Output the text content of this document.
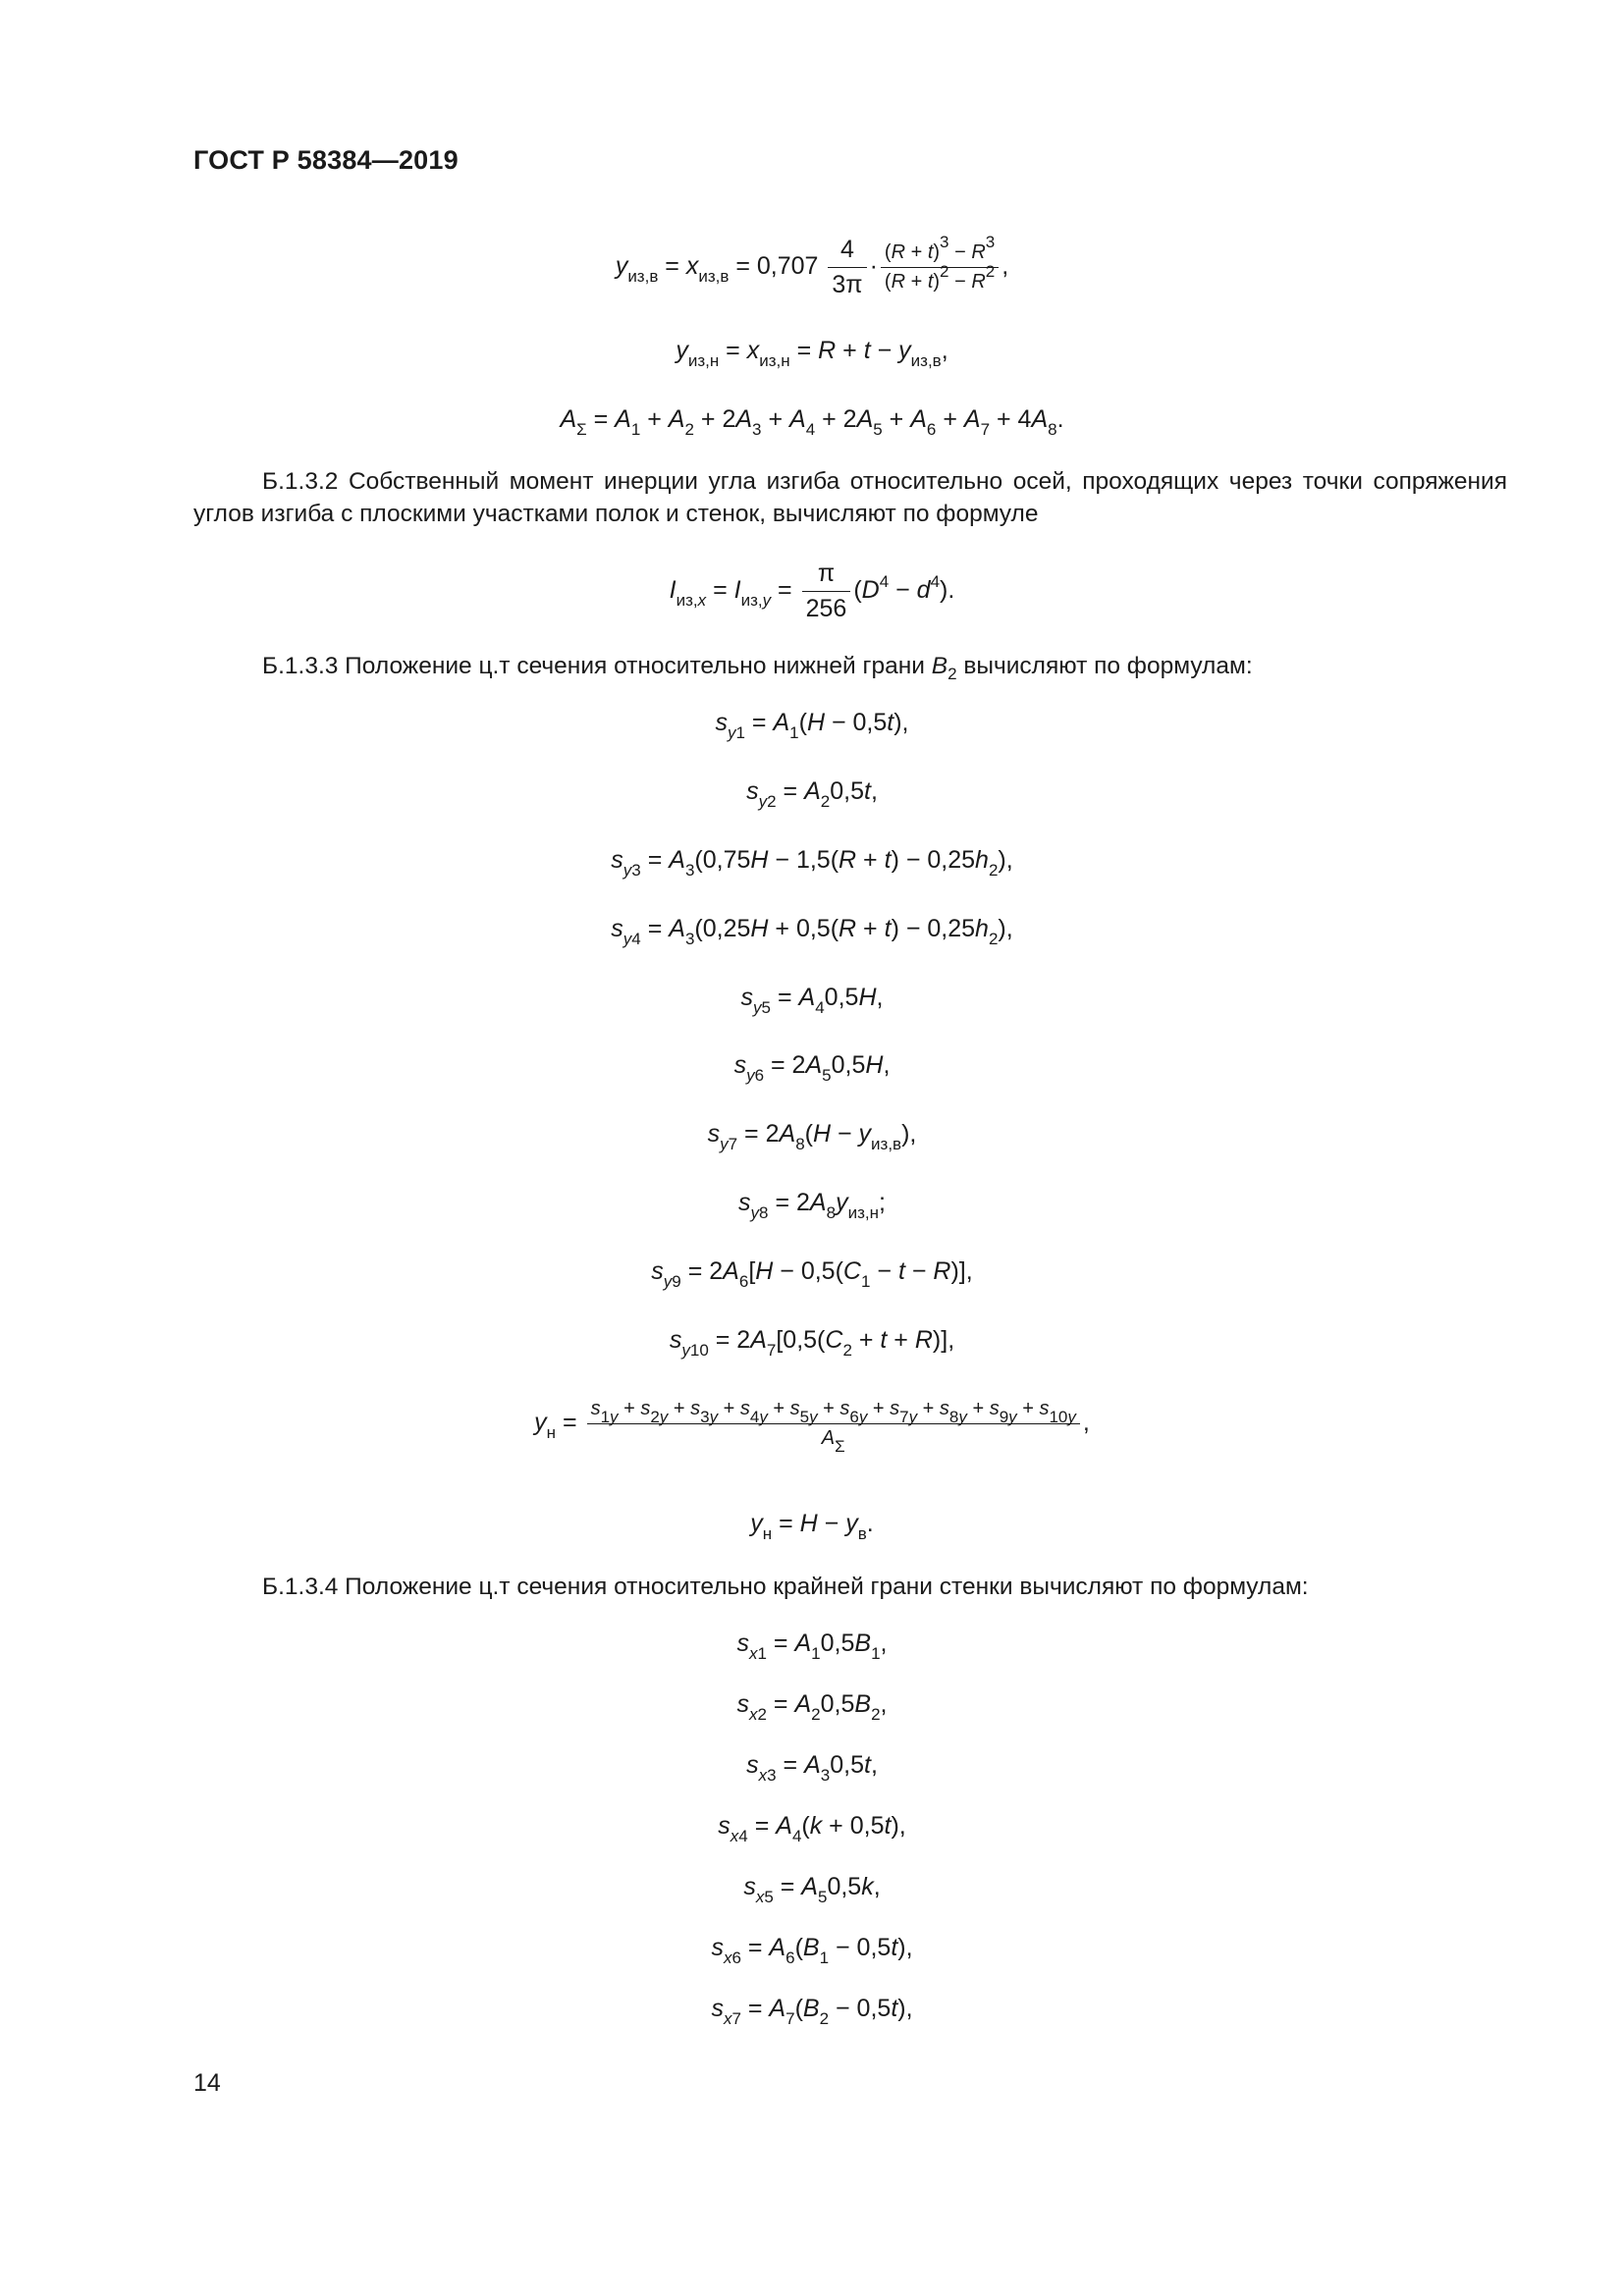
ГОСТ Р 58384—2019
$y_{из,в} = x_{из,в} = 0,707 \frac{4}{3\pi} \cdot \frac{(R + t)^3 - R^3}{(R + t)^2 - R^2}$ ,
$y_{из,н} = x_{из,н} = R + t - y_{из,в}$,
$A_\Sigma = A_1 + A_2 + 2A_3 + A_4 + 2A_5 + A_6 + A_7 + 4A_8$.
Б.1.3.2 Собственный момент инерции угла изгиба относительно осей, проходящих через точки сопряжения углов изгиба с плоскими участками полок и стенок, вычисляют по формуле
$I_{из,x} = I_{из,y} = \frac{\pi}{256} (D^4 - d^4)$.
Б.1.3.3 Положение ц.т сечения относительно нижней грани $B_2$ вычисляют по формулам:
$s_{y1} = A_1(H - 0,5t)$,
$s_{y2} = A_20,5t$,
$s_{y3} = A_3(0,75H - 1,5(R + t) - 0,25h_2)$,
$s_{y4} = A_3(0,25H + 0,5(R + t) - 0,25h_2)$,
$s_{y5} = A_40,5H$,
$s_{y6} = 2A_50,5H$,
$s_{y7} = 2A_8(H - y_{из,в})$,
$s_{y8} = 2A_8y_{из,н}$;
$s_{y9} = 2A_6[H - 0,5(C_1 - t - R)]$,
$s_{y10} = 2A_7[0,5(C_2 + t + R)]$,
$y_н = \frac{s_{1y} + s_{2y} + s_{3y} + s_{4y} + s_{5y} + s_{6y} + s_{7y} + s_{8y} + s_{9y} + s_{10y}}{A_\Sigma}$ ,
$y_н = H - y_в$.
Б.1.3.4 Положение ц.т сечения относительно крайней грани стенки вычисляют по формулам:
$s_{x1} = A_10,5B_1$,
$s_{x2} = A_20,5B_2$,
$s_{x3} = A_30,5t$,
$s_{x4} = A_4(k + 0,5t)$,
$s_{x5} = A_50,5k$,
$s_{x6} = A_6(B_1 - 0,5t)$,
$s_{x7} = A_7(B_2 - 0,5t)$,
14
